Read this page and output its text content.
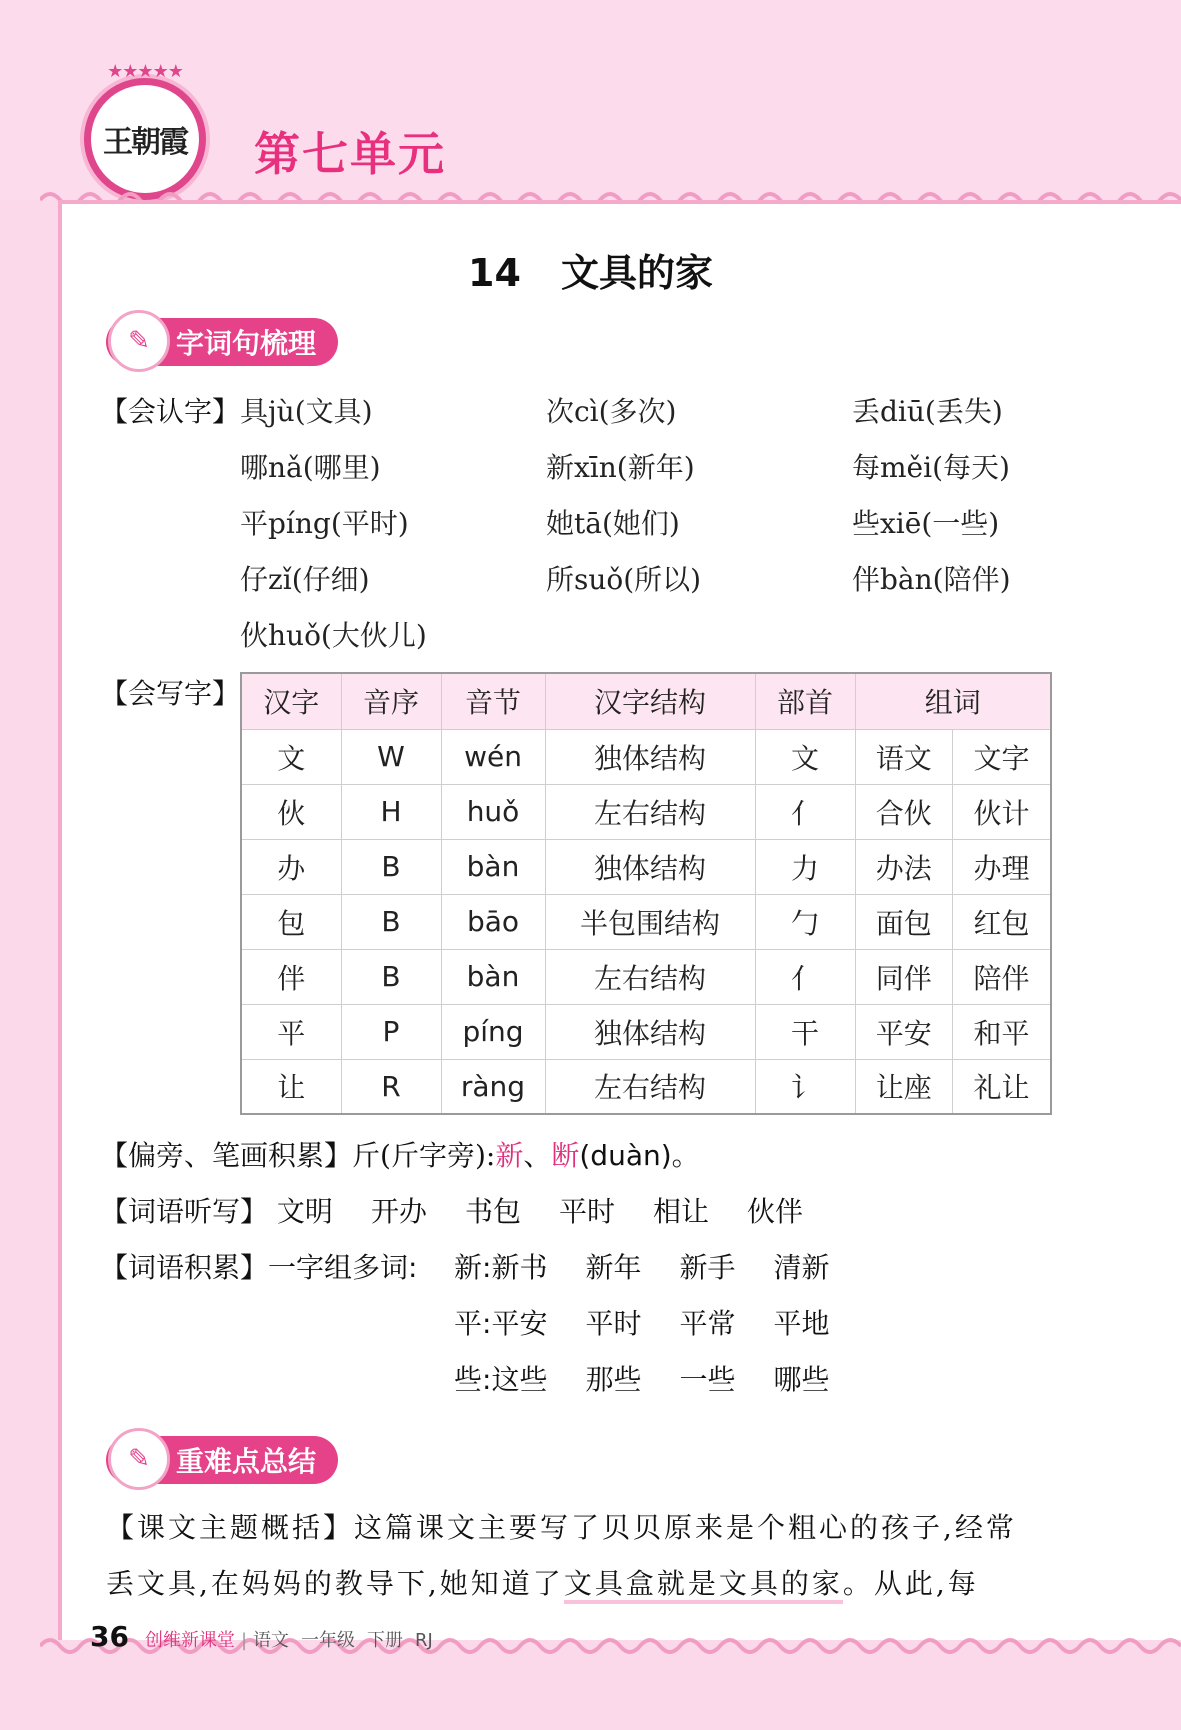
★★★★★
王朝霞 第七单元
14 文具的家
✎ 字词句梳理
【会认字】 具jù(文具)	次cì(多次)	丢diū(丢失)
哪nǎ(哪里)	新xīn(新年)	每měi(每天)
平píng(平时)	她tā(她们)	些xiē(一些)
仔zǐ(仔细)	所suǒ(所以)	伴bàn(陪伴)
伙huǒ(大伙儿)
【会写字】 汉字	音序	音节	汉字结构	部首	组词	
文	W	wén	独体结构	文	语文	文字
伙	H	huǒ	左右结构	亻	合伙	伙计
办	B	bàn	独体结构	力	办法	办理
包	B	bāo	半包围结构	勹	面包	红包
伴	B	bàn	左右结构	亻	同伴	陪伴
平	P	píng	独体结构	干	平安	和平
让	R	ràng	左右结构	讠	让座	礼让
【偏旁、笔画积累】斤(斤字旁):新、断(duàn)。
【词语听写】 文明 开办 书包 平时 相让 伙伴
【词语积累】一字组多词: 新:新书 新年 新手 清新
平:平安 平时 平常 平地
些:这些 那些 一些 哪些
✎ 重难点总结
【课文主题概括】这篇课文主要写了贝贝原来是个粗心的孩子,经常
丢文具,在妈妈的教导下,她知道了文具盒就是文具的家。从此,每
36 创维新课堂 | 语文 一年级 下册 RJ
